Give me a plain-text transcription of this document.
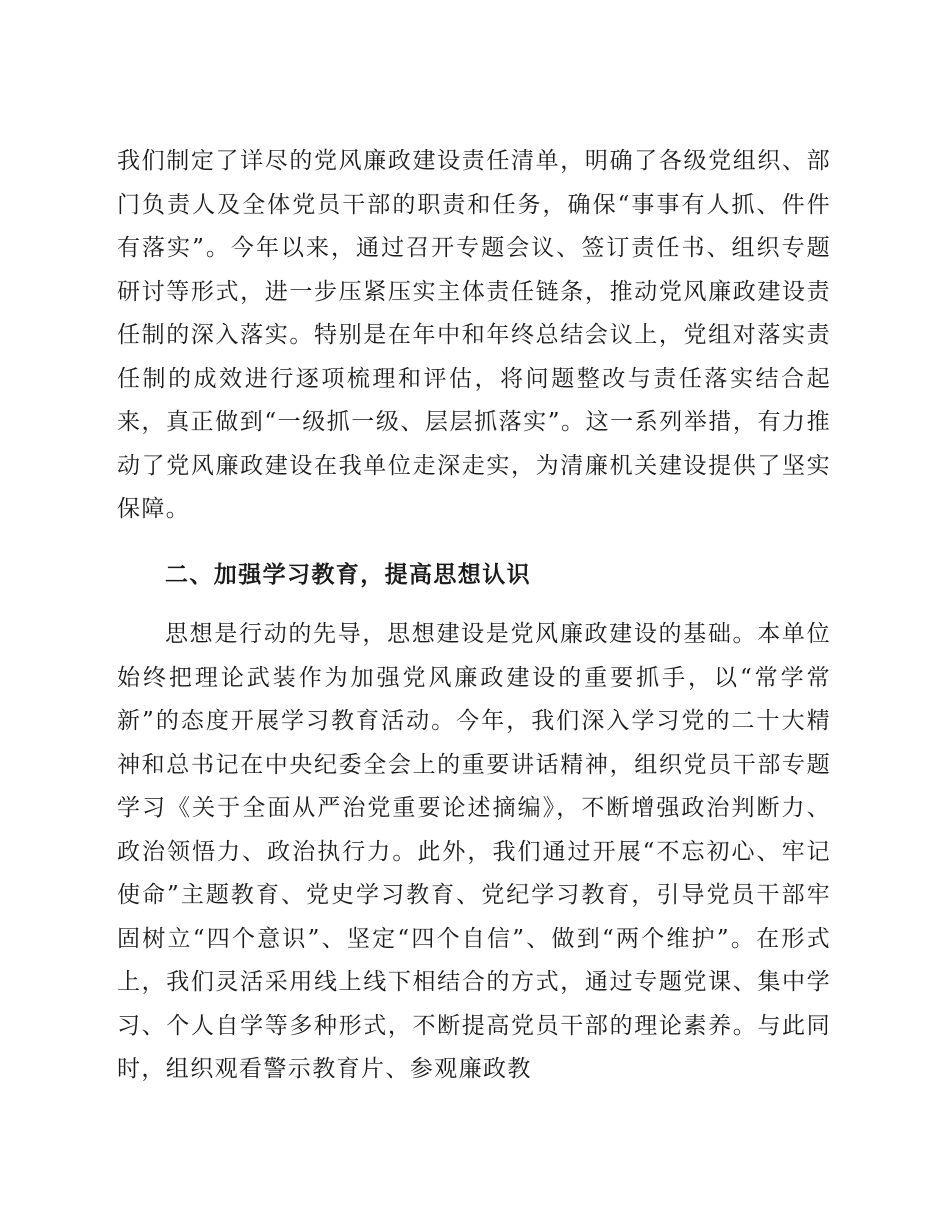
我们制定了详尽的党风廉政建设责任清单，明确了各级党组织、部门负责人及全体党员干部的职责和任务，确保“事事有人抓、件件有落实”。今年以来，通过召开专题会议、签订责任书、组织专题研讨等形式，进一步压紧压实主体责任链条，推动党风廉政建设责任制的深入落实。特别是在年中和年终总结会议上，党组对落实责任制的成效进行逐项梳理和评估，将问题整改与责任落实结合起来，真正做到“一级抓一级、层层抓落实”。这一系列举措，有力推动了党风廉政建设在我单位走深走实，为清廉机关建设提供了坚实保障。

二、加强学习教育，提高思想认识

思想是行动的先导，思想建设是党风廉政建设的基础。本单位始终把理论武装作为加强党风廉政建设的重要抓手，以“常学常新”的态度开展学习教育活动。今年，我们深入学习党的二十大精神和总书记在中央纪委全会上的重要讲话精神，组织党员干部专题学习《关于全面从严治党重要论述摘编》，不断增强政治判断力、政治领悟力、政治执行力。此外，我们通过开展“不忘初心、牢记使命”主题教育、党史学习教育、党纪学习教育，引导党员干部牢固树立“四个意识”、坚定“四个自信”、做到“两个维护”。在形式上，我们灵活采用线上线下相结合的方式，通过专题党课、集中学习、个人自学等多种形式，不断提高党员干部的理论素养。与此同时，组织观看警示教育片、参观廉政教
